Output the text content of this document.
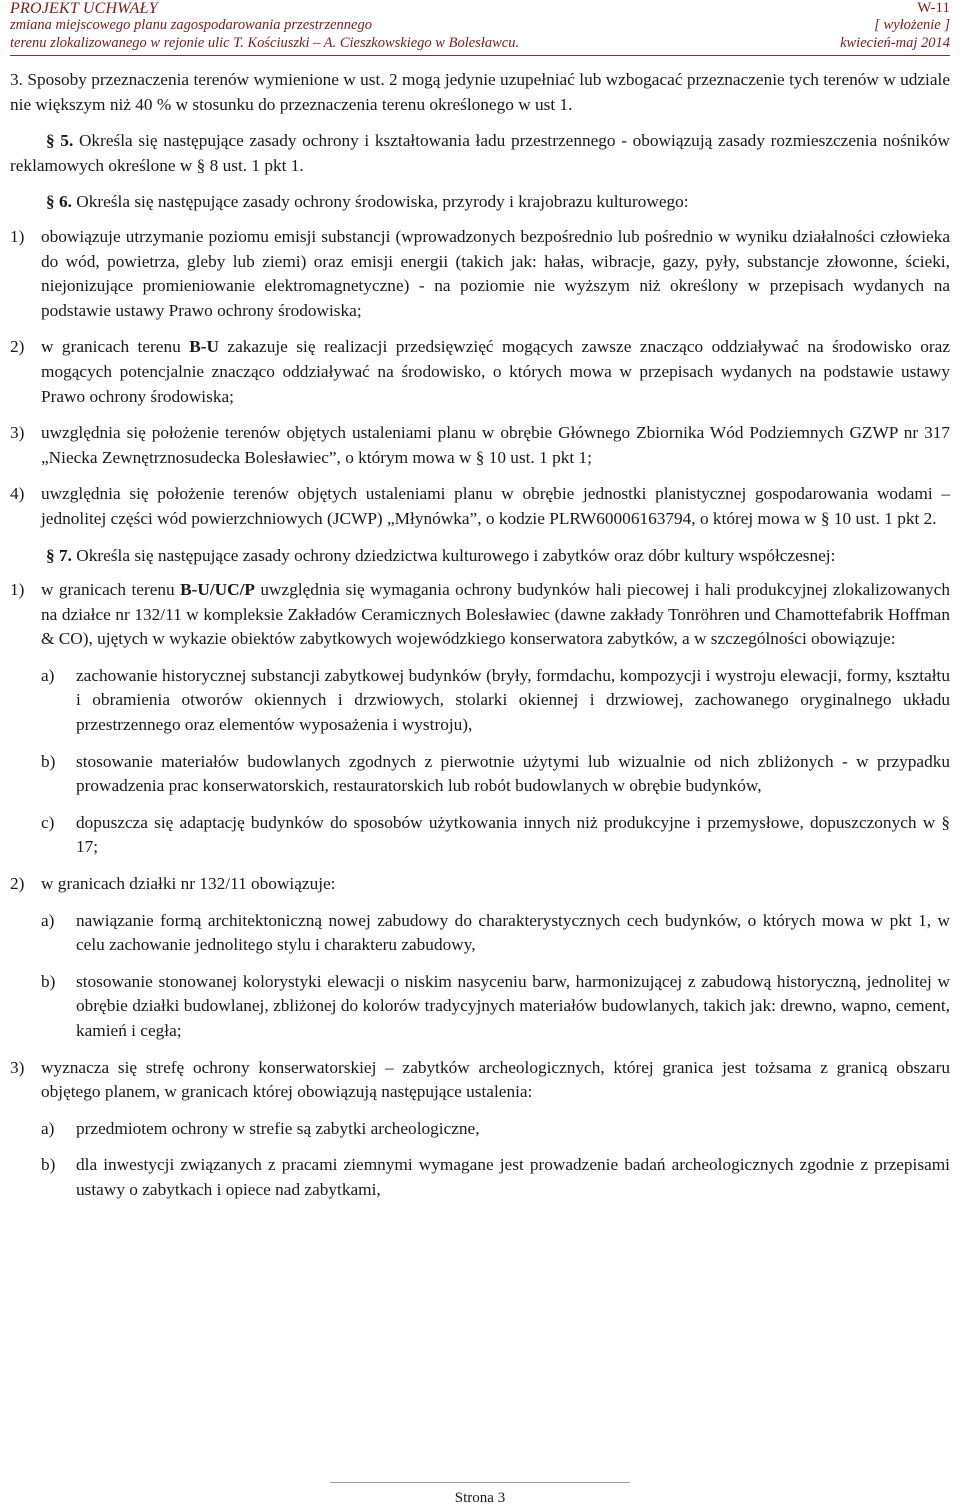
PROJEKT UCHWAŁY
zmiana miejscowego planu zagospodarowania przestrzennego
terenu zlokalizowanego w rejonie ulic T. Kościuszki – A. Cieszkowskiego w Bolesławcu.
W-11
[ wyłożenie ]
kwiecień-maj 2014

3. Sposoby przeznaczenia terenów wymienione w ust. 2 mogą jedynie uzupełniać lub wzbogacać przeznaczenie tych terenów w udziale nie większym niż 40 % w stosunku do przeznaczenia terenu określonego w ust 1.

§ 5. Określa się następujące zasady ochrony i kształtowania ładu przestrzennego - obowiązują zasady rozmieszczenia nośników reklamowych określone w § 8 ust. 1 pkt 1.

§ 6. Określa się następujące zasady ochrony środowiska, przyrody i krajobrazu kulturowego:

1) obowiązuje utrzymanie poziomu emisji substancji (wprowadzonych bezpośrednio lub pośrednio w wyniku działalności człowieka do wód, powietrza, gleby lub ziemi) oraz emisji energii (takich jak: hałas, wibracje, gazy, pyły, substancje złowonne, ścieki, niejonizujące promieniowanie elektromagnetyczne) - na poziomie nie wyższym niż określony w przepisach wydanych na podstawie ustawy Prawo ochrony środowiska;

2) w granicach terenu B-U zakazuje się realizacji przedsięwzięć mogących zawsze znacząco oddziaływać na środowisko oraz mogących potencjalnie znacząco oddziaływać na środowisko, o których mowa w przepisach wydanych na podstawie ustawy Prawo ochrony środowiska;

3) uwzględnia się położenie terenów objętych ustaleniami planu w obrębie Głównego Zbiornika Wód Podziemnych GZWP nr 317 „Niecka Zewnętrznosudecka Bolesławiec”, o którym mowa w § 10 ust. 1 pkt 1;

4) uwzględnia się położenie terenów objętych ustaleniami planu w obrębie jednostki planistycznej gospodarowania wodami – jednolitej części wód powierzchniowych (JCWP) „Młynówka”, o kodzie PLRW60006163794, o której mowa w § 10 ust. 1 pkt 2.

§ 7. Określa się następujące zasady ochrony dziedzictwa kulturowego i zabytków oraz dóbr kultury współczesnej:

1) w granicach terenu B-U/UC/P uwzględnia się wymagania ochrony budynków hali piecowej i hali produkcyjnej zlokalizowanych na działce nr 132/11 w kompleksie Zakładów Ceramicznych Bolesławiec (dawne zakłady Tonröhren und Chamottefabrik Hoffman & CO), ujętych w wykazie obiektów zabytkowych wojewódzkiego konserwatora zabytków, a w szczególności obowiązuje:

a) zachowanie historycznej substancji zabytkowej budynków (bryły, formdachu, kompozycji i wystroju elewacji, formy, kształtu i obramienia otworów okiennych i drzwiowych, stolarki okiennej i drzwiowej, zachowanego oryginalnego układu przestrzennego oraz elementów wyposażenia i wystroju),

b) stosowanie materiałów budowlanych zgodnych z pierwotnie użytymi lub wizualnie od nich zbliżonych - w przypadku prowadzenia prac konserwatorskich, restauratorskich lub robót budowlanych w obrębie budynków,

c) dopuszcza się adaptację budynków do sposobów użytkowania innych niż produkcyjne i przemysłowe, dopuszczonych w § 17;

2) w granicach działki nr 132/11 obowiązuje:

a) nawiązanie formą architektoniczną nowej zabudowy do charakterystycznych cech budynków, o których mowa w pkt 1, w celu zachowanie jednolitego stylu i charakteru zabudowy,

b) stosowanie stonowanej kolorystyki elewacji o niskim nasyceniu barw, harmonizującej z zabudową historyczną, jednolitej w obrębie działki budowlanej, zbliżonej do kolorów tradycyjnych materiałów budowlanych, takich jak: drewno, wapno, cement, kamień i cegła;

3) wyznacza się strefę ochrony konserwatorskiej – zabytków archeologicznych, której granica jest tożsama z granicą obszaru objętego planem, w granicach której obowiązują następujące ustalenia:

a) przedmiotem ochrony w strefie są zabytki archeologiczne,

b) dla inwestycji związanych z pracami ziemnymi wymagane jest prowadzenie badań archeologicznych zgodnie z przepisami ustawy o zabytkach i opiece nad zabytkami,

Strona 3
